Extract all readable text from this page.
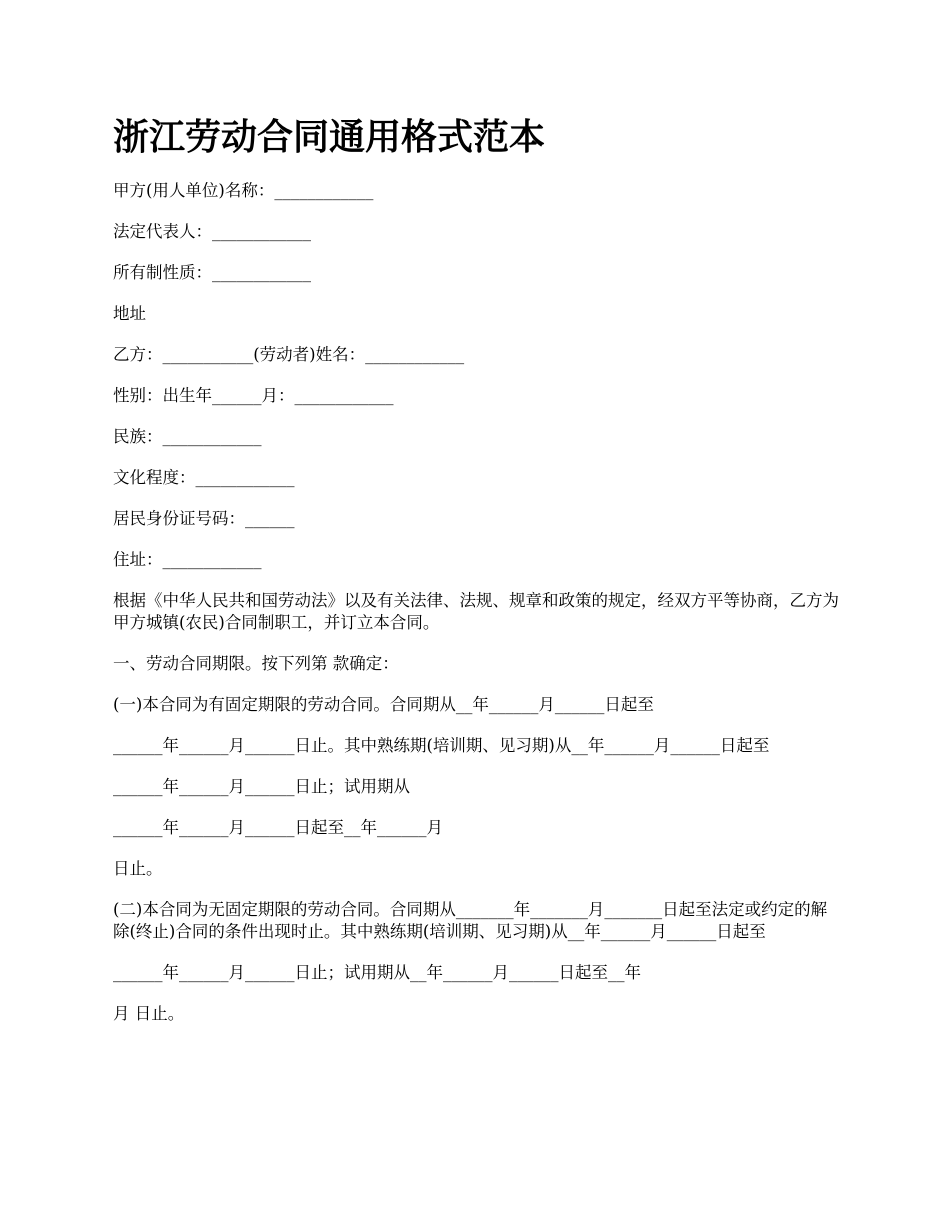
浙江劳动合同通用格式范本

甲方(用人单位)名称：____________

法定代表人：____________

所有制性质：____________

地址

乙方：___________(劳动者)姓名：____________

性别：出生年______月：____________

民族：____________

文化程度：____________

居民身份证号码：______

住址：____________

根据《中华人民共和国劳动法》以及有关法律、法规、规章和政策的规定，经双方平等协商，乙方为甲方城镇(农民)合同制职工，并订立本合同。

一、劳动合同期限。按下列第 款确定：

(一)本合同为有固定期限的劳动合同。合同期从__年______月______日起至

______年______月______日止。其中熟练期(培训期、见习期)从__年______月______日起至

______年______月______日止；试用期从

______年______月______日起至__年______月

日止。

(二)本合同为无固定期限的劳动合同。合同期从_______年_______月_______日起至法定或约定的解除(终止)合同的条件出现时止。其中熟练期(培训期、见习期)从__年______月______日起至

______年______月______日止；试用期从__年______月______日起至__年

月 日止。
